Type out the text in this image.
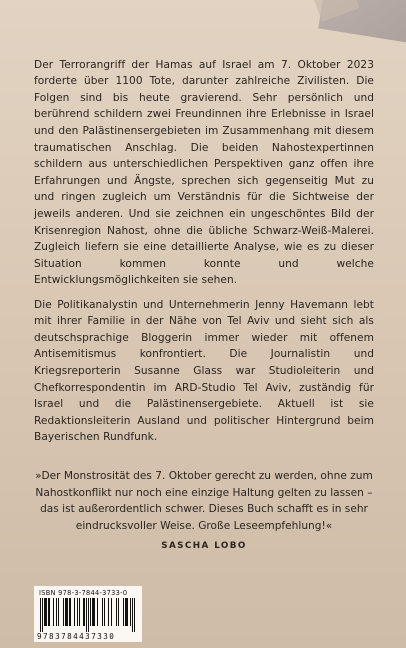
Der Terrorangriff der Hamas auf Israel am 7. Oktober 2023 forderte über 1100 Tote, darunter zahlreiche Zivilisten. Die Folgen sind bis heute gravierend. Sehr persönlich und berührend schildern zwei Freundinnen ihre Erlebnisse in Israel und den Palästinensergebieten im Zusammenhang mit diesem traumatischen Anschlag. Die beiden Nahostexpertinnen schildern aus unterschiedlichen Perspektiven ganz offen ihre Erfahrungen und Ängste, sprechen sich gegenseitig Mut zu und ringen zugleich um Verständnis für die Sichtweise der jeweils anderen. Und sie zeichnen ein ungeschöntes Bild der Krisenregion Nahost, ohne die übliche Schwarz-Weiß-Malerei. Zugleich liefern sie eine detaillierte Analyse, wie es zu dieser Situation kommen konnte und welche Entwicklungsmöglichkeiten sie sehen.

Die Politikanalystin und Unternehmerin Jenny Havemann lebt mit ihrer Familie in der Nähe von Tel Aviv und sieht sich als deutschsprachige Bloggerin immer wieder mit offenem Antisemitismus konfrontiert. Die Journalistin und Kriegsreporterin Susanne Glass war Studioleiterin und Chefkorrespondentin im ARD-Studio Tel Aviv, zuständig für Israel und die Palästinensergebiete. Aktuell ist sie Redaktionsleiterin Ausland und politischer Hintergrund beim Bayerischen Rundfunk.

»Der Monstrosität des 7. Oktober gerecht zu werden, ohne zum Nahostkonflikt nur noch eine einzige Haltung gelten zu lassen – das ist außerordentlich schwer. Dieses Buch schafft es in sehr eindrucksvoller Weise. Große Leseempfehlung!«
SASCHA LOBO
ISBN 978-3-7844-3733-0
9783784437330
